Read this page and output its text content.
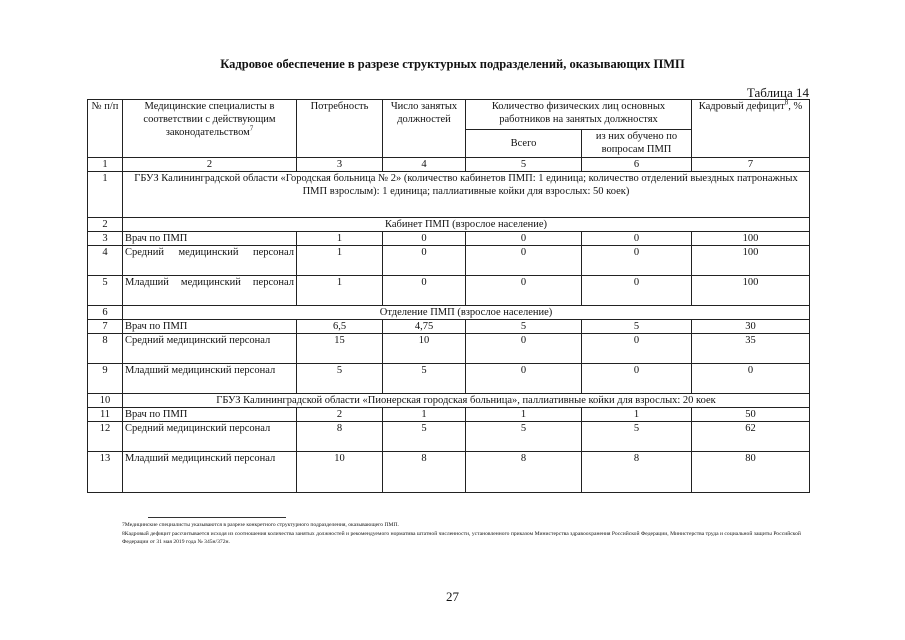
Кадровое обеспечение в разрезе структурных подразделений, оказывающих ПМП
Таблица 14
№ п/п	Медицинские специалисты в соответствии с действующим законодательством$^7$	Потребность	Число занятых должностей	Количество физических лиц основных работников на занятых должностях		Кадровый дефицит$^8$, %
				Всего	из них обучено по вопросам ПМП	
1	2	3	4	5	6	7
1	ГБУЗ Калининградской области «Городская больница № 2» (количество кабинетов ПМП: 1 единица; количество отделений выездных патронажных ПМП взрослым): 1 единица; паллиативные койки для взрослых: 50 коек)					
2	Кабинет ПМП (взрослое население)					
3	Врач по ПМП	1	0	0	0	100
4	Средний медицинский персонал	1	0	0	0	100
5	Младший медицинский персонал	1	0	0	0	100
6	Отделение ПМП (взрослое население)					
7	Врач по ПМП	6,5	4,75	5	5	30
8	Средний медицинский персонал	15	10	0	0	35
9	Младший медицинский персонал	5	5	0	0	0
10	ГБУЗ Калининградской области «Пионерская городская больница», паллиативные койки для взрослых: 20 коек					
11	Врач по ПМП	2	1	1	1	50
12	Средний медицинский персонал	8	5	5	5	62
13	Младший медицинский персонал	10	8	8	8	80
7Медицинские специалисты указываются в разрезе конкретного структурного подразделения, оказывающего ПМП.
8Кадровый дефицит рассчитывается исходя из соотношения количества занятых должностей и рекомендуемого норматива штатной численности, установленного приказом Министерства здравоохранения Российской Федерации, Министерства труда и социальной защиты Российской Федерации от 31 мая 2019 года № 345н/372н.
27
